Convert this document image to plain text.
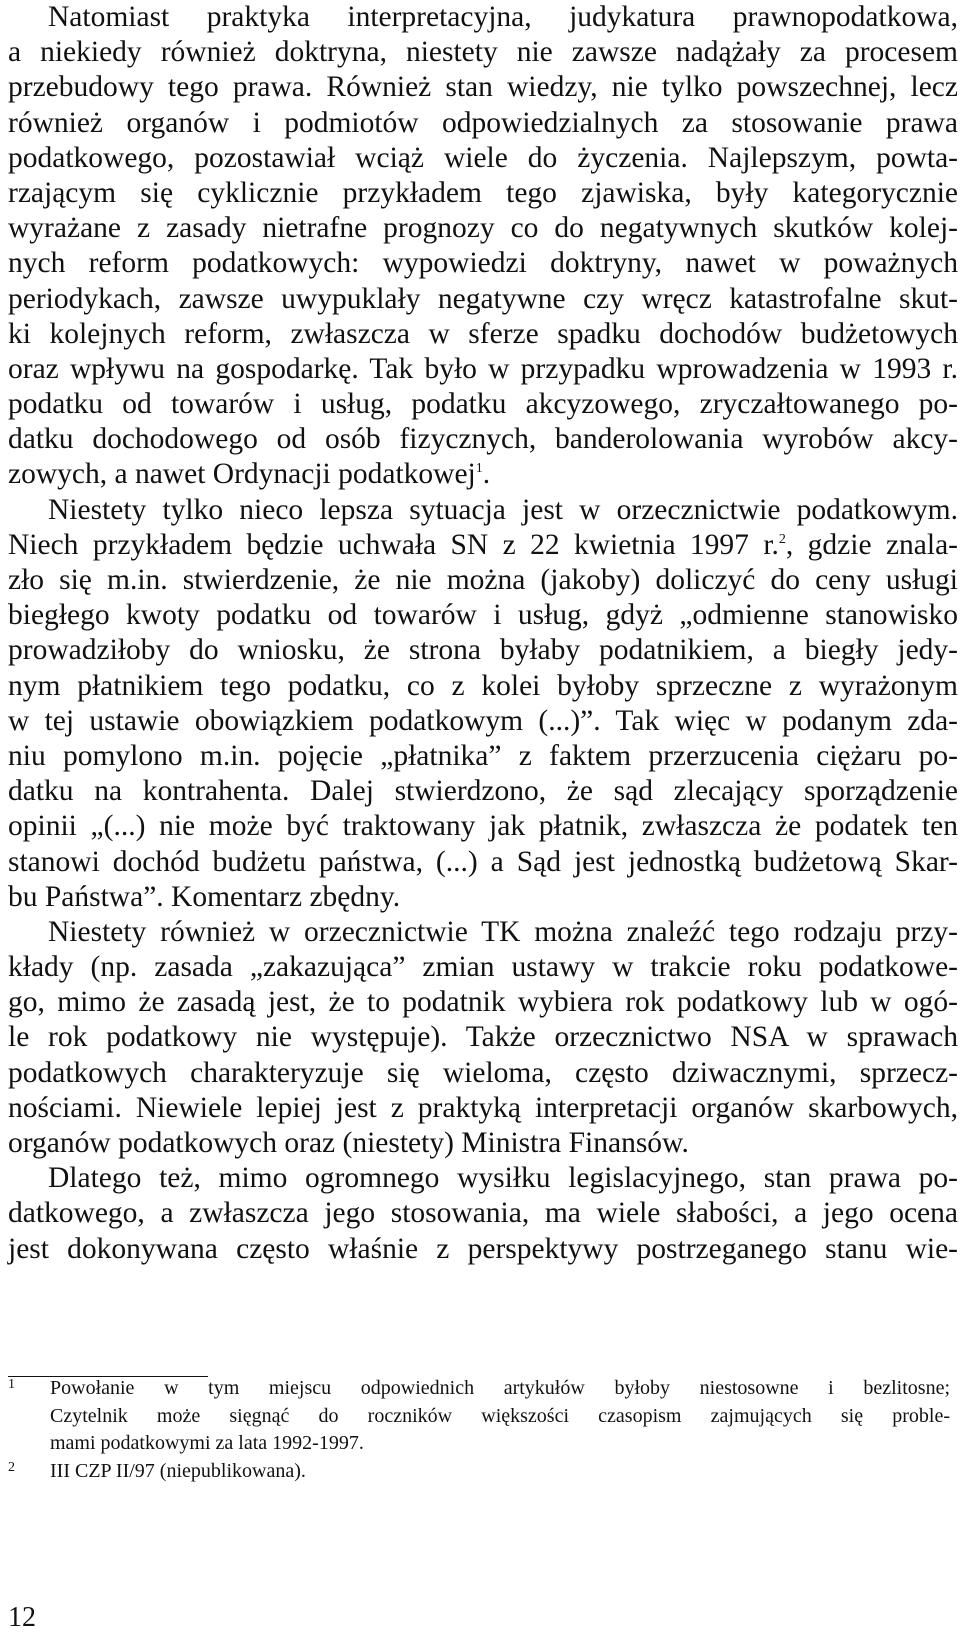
Natomiast praktyka interpretacyjna, judykatura prawnopodatkowa,
a niekiedy również doktryna, niestety nie zawsze nadążały za procesem
przebudowy tego prawa. Również stan wiedzy, nie tylko powszechnej, lecz
również organów i podmiotów odpowiedzialnych za stosowanie prawa
podatkowego, pozostawiał wciąż wiele do życzenia. Najlepszym, powta-
rzającym się cyklicznie przykładem tego zjawiska, były kategorycznie
wyrażane z zasady nietrafne prognozy co do negatywnych skutków kolej-
nych reform podatkowych: wypowiedzi doktryny, nawet w poważnych
periodykach, zawsze uwypuklały negatywne czy wręcz katastrofalne skut-
ki kolejnych reform, zwłaszcza w sferze spadku dochodów budżetowych
oraz wpływu na gospodarkę. Tak było w przypadku wprowadzenia w 1993 r.
podatku od towarów i usług, podatku akcyzowego, zryczałtowanego po-
datku dochodowego od osób fizycznych, banderolowania wyrobów akcy-
zowych, a nawet Ordynacji podatkowej$^1$.
Niestety tylko nieco lepsza sytuacja jest w orzecznictwie podatkowym.
Niech przykładem będzie uchwała SN z 22 kwietnia 1997 r.$^2$, gdzie znala-
zło się m.in. stwierdzenie, że nie można (jakoby) doliczyć do ceny usługi
biegłego kwoty podatku od towarów i usług, gdyż „odmienne stanowisko
prowadziłoby do wniosku, że strona byłaby podatnikiem, a biegły jedy-
nym płatnikiem tego podatku, co z kolei byłoby sprzeczne z wyrażonym
w tej ustawie obowiązkiem podatkowym (...)”. Tak więc w podanym zda-
niu pomylono m.in. pojęcie „płatnika” z faktem przerzucenia ciężaru po-
datku na kontrahenta. Dalej stwierdzono, że sąd zlecający sporządzenie
opinii „(...) nie może być traktowany jak płatnik, zwłaszcza że podatek ten
stanowi dochód budżetu państwa, (...) a Sąd jest jednostką budżetową Skar-
bu Państwa”. Komentarz zbędny.
Niestety również w orzecznictwie TK można znaleźć tego rodzaju przy-
kłady (np. zasada „zakazująca” zmian ustawy w trakcie roku podatkowe-
go, mimo że zasadą jest, że to podatnik wybiera rok podatkowy lub w ogó-
le rok podatkowy nie występuje). Także orzecznictwo NSA w sprawach
podatkowych charakteryzuje się wieloma, często dziwacznymi, sprzecz-
nościami. Niewiele lepiej jest z praktyką interpretacji organów skarbowych,
organów podatkowych oraz (niestety) Ministra Finansów.
Dlatego też, mimo ogromnego wysiłku legislacyjnego, stan prawa po-
datkowego, a zwłaszcza jego stosowania, ma wiele słabości, a jego ocena
jest dokonywana często właśnie z perspektywy postrzeganego stanu wie-
1 Powołanie w tym miejscu odpowiednich artykułów byłoby niestosowne i bezlitosne;
Czytelnik może sięgnąć do roczników większości czasopism zajmujących się proble-
mami podatkowymi za lata 1992-1997.
2 III CZP II/97 (niepublikowana).
12
